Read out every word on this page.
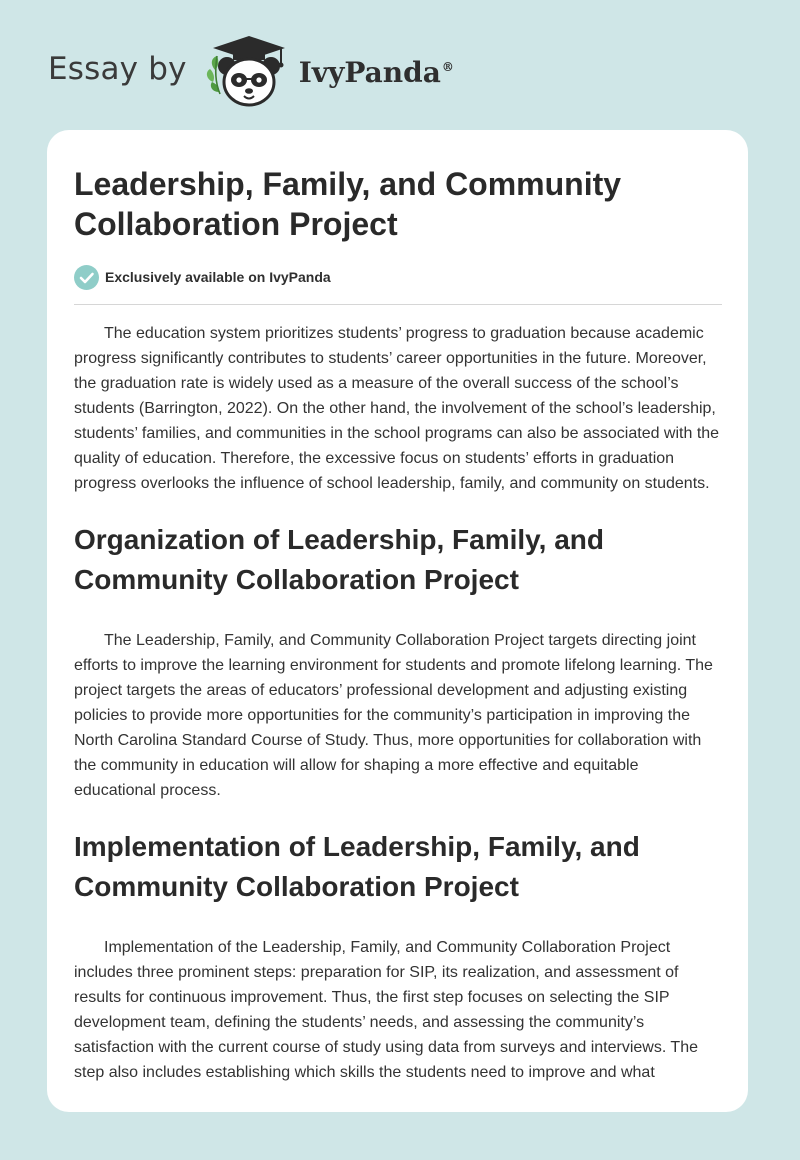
Essay by	IvyPanda®
Leadership, Family, and Community Collaboration Project
Exclusively available on IvyPanda

The education system prioritizes students’ progress to graduation because academic progress significantly contributes to students’ career opportunities in the future. Moreover, the graduation rate is widely used as a measure of the overall success of the school’s students (Barrington, 2022). On the other hand, the involvement of the school’s leadership, students’ families, and communities in the school programs can also be associated with the quality of education. Therefore, the excessive focus on students’ efforts in graduation progress overlooks the influence of school leadership, family, and community on students.

Organization of Leadership, Family, and Community Collaboration Project

The Leadership, Family, and Community Collaboration Project targets directing joint efforts to improve the learning environment for students and promote lifelong learning. The project targets the areas of educators’ professional development and adjusting existing policies to provide more opportunities for the community’s participation in improving the North Carolina Standard Course of Study. Thus, more opportunities for collaboration with the community in education will allow for shaping a more effective and equitable educational process.

Implementation of Leadership, Family, and Community Collaboration Project

Implementation of the Leadership, Family, and Community Collaboration Project includes three prominent steps: preparation for SIP, its realization, and assessment of results for continuous improvement. Thus, the first step focuses on selecting the SIP development team, defining the students’ needs, and assessing the community’s satisfaction with the current course of study using data from surveys and interviews. The step also includes establishing which skills the students need to improve and what
